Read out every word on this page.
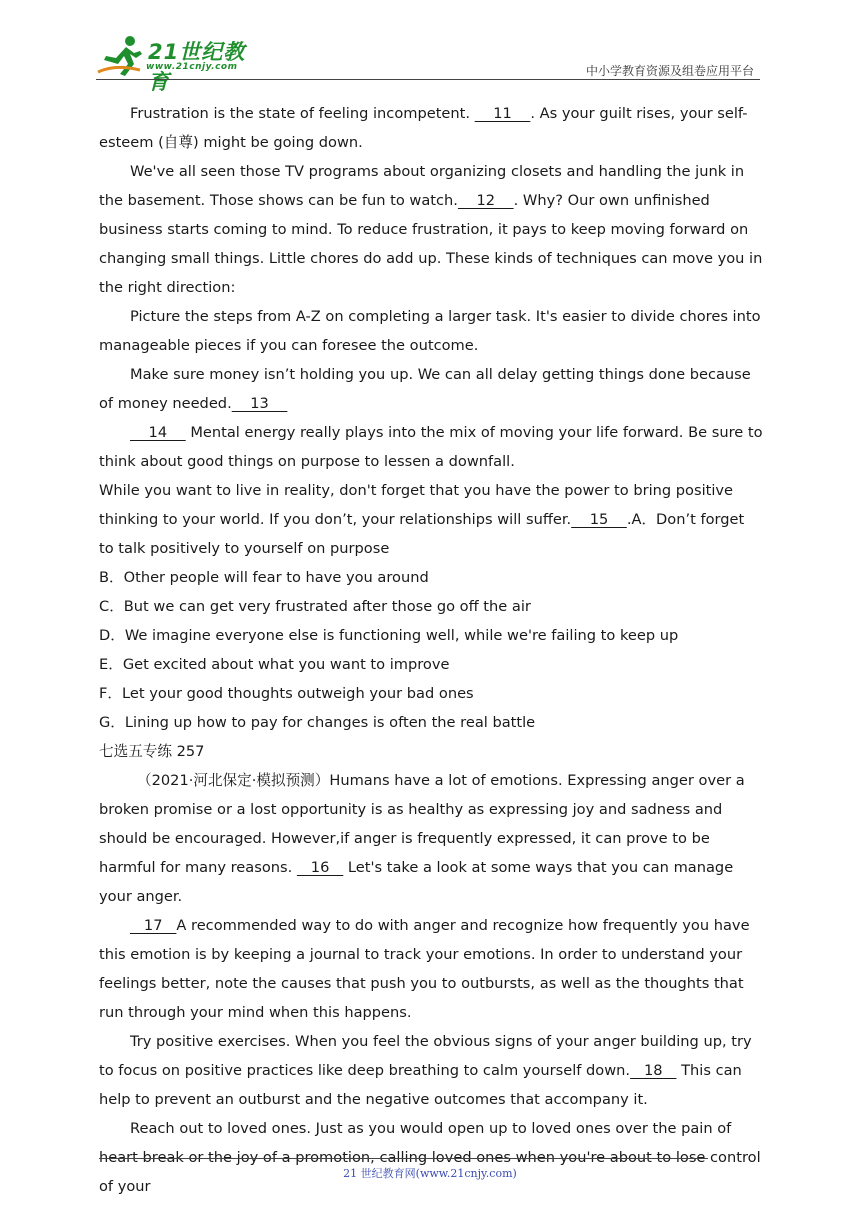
21世纪教育
www.21cnjy.com	中小学教育资源及组卷应用平台

Frustration is the state of feeling incompetent.     11    . As your guilt rises, your self-esteem (自尊) might be going down.

We've all seen those TV programs about organizing closets and handling the junk in the basement. Those shows can be fun to watch.    12    . Why? Our own unfinished business starts coming to mind. To reduce frustration, it pays to keep moving forward on changing small things. Little chores do add up. These kinds of techniques can move you in the right direction:

Picture the steps from A-Z on completing a larger task. It's easier to divide chores into manageable pieces if you can foresee the outcome.

Make sure money isn’t holding you up. We can all delay getting things done because of money needed.    13

14     Mental energy really plays into the mix of moving your life forward. Be sure to think about good things on purpose to lessen a downfall.

While you want to live in reality, don't forget that you have the power to bring positive thinking to your world. If you don’t, your relationships will suffer.    15    .A．Don’t forget to talk positively to yourself on purpose

B．Other people will fear to have you around

C．But we can get very frustrated after those go off the air

D．We imagine everyone else is functioning well, while we're failing to keep up

E．Get excited about what you want to improve

F．Let your good thoughts outweigh your bad ones

G．Lining up how to pay for changes is often the real battle

七选五专练 257

（2021·河北保定·模拟预测）Humans have a lot of emotions. Expressing anger over a broken promise or a lost opportunity is as healthy as expressing joy and sadness and should be encouraged. However,if anger is frequently expressed, it can prove to be harmful for many reasons.    16    Let's take a look at some ways that you can manage your anger.

17   A recommended way to do with anger and recognize how frequently you have this emotion is by keeping a journal to track your emotions. In order to understand your feelings better, note the causes that push you to outbursts, as well as the thoughts that run through your mind when this happens.

Try positive exercises. When you feel the obvious signs of your anger building up, try to focus on positive practices like deep breathing to calm yourself down.   18    This can help to prevent an outburst and the negative outcomes that accompany it.

Reach out to loved ones. Just as you would open up to loved ones over the pain of heart break or the joy of a promotion, calling loved ones when you're about to lose control of your

21 世纪教育网(www.21cnjy.com)
